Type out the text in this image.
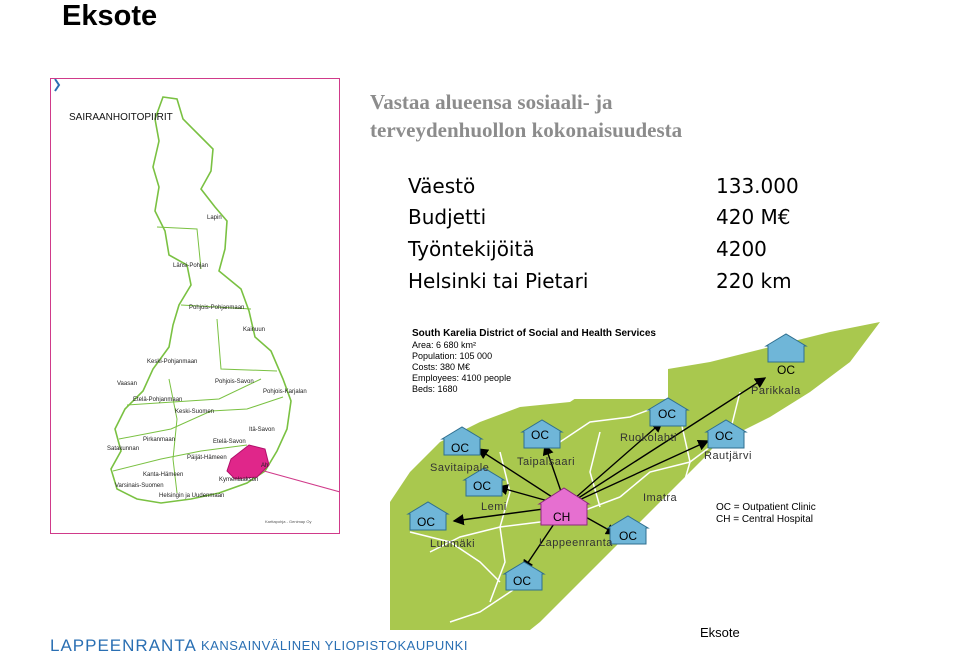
Eksote
SAIRAANHOITOPIIRIT
Lapin
Länsi-Pohjan
Pohjois-Pohjanmaan
Kainuun
Keski-Pohjanmaan
Vaasan	Pohjois-Savon
Pohjois-Karjalan
Etelä-Pohjanmaan
Keski-Suomen
Itä-Savon
Pirkanmaan	Etelä-Savon
Satakunnan
Päijät-Hämeen
Kanta-Hämeen
Varsinais-Suomen
Kymenlaakson
Helsingin ja Uudenmaan
Ah
Karttapohja - Genimap Oy
Vastaa alueensa sosiaali- ja
terveydenhuollon kokonaisuudesta
Väestö	133.000
Budjetti	420 M€
Työntekijöitä	4200
Helsinki tai Pietari	220 km
South Karelia District of Social and Health Services
Area: 6 680 km²
Population: 105 000
Costs: 380 M€
Employees: 4100 people
Beds: 1680	Parikkala
Ruokolahti
Rautjärvi
Savitaipale	Taipalsaari
Lemi
Imatra
Luumäki	Lappeenranta
OC = Outpatient Clinic
CH = Central Hospital
OC
OC
OC
OC
OC
OC
OC
OC
OC
CH
LAPPEENRANTA KANSAINVÄLINEN YLIOPISTOKAUPUNKI
Eksote
